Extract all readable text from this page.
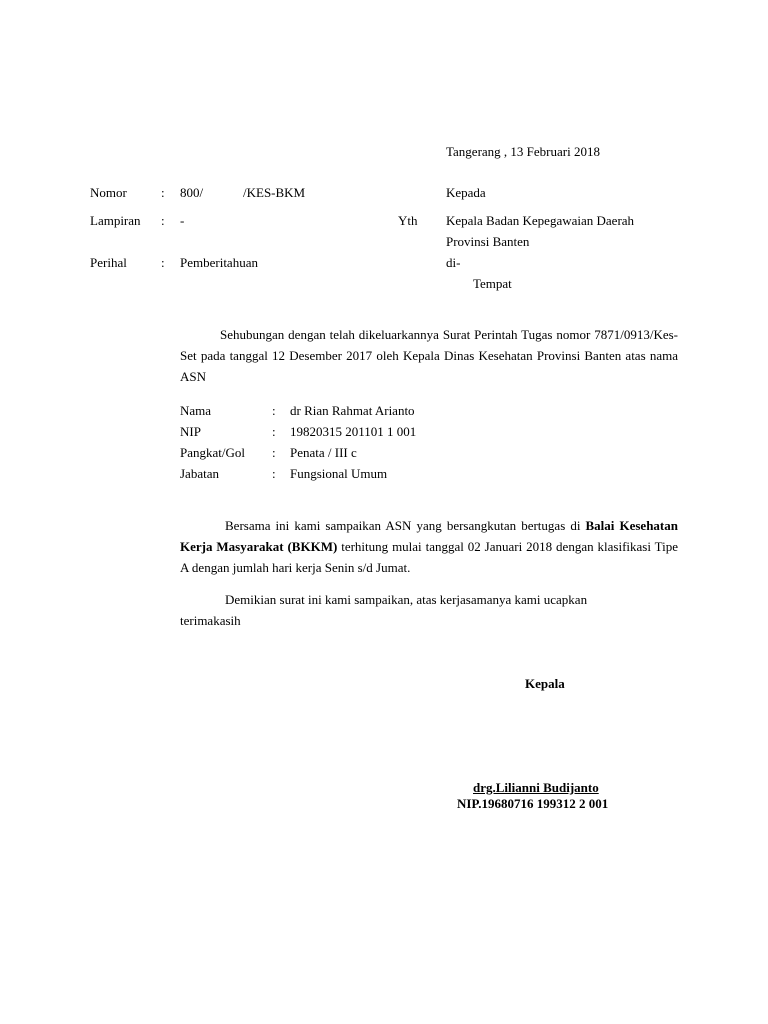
Tangerang , 13 Februari 2018
Nomor	: 800/	/KES-BKM
Lampiran : -
Perihal	: Pemberitahuan
Kepada
Yth Kepala Badan Kepegawaian Daerah
Provinsi Banten
di-
Tempat

Sehubungan dengan telah dikeluarkannya Surat Perintah Tugas nomor 7871/0913/Kes-Set pada tanggal 12 Desember 2017 oleh Kepala Dinas Kesehatan Provinsi Banten atas nama ASN

Nama	: dr Rian Rahmat Arianto
NIP	: 19820315 201101 1 001
Pangkat/Gol : Penata / III c
Jabatan	: Fungsional Umum

Bersama ini kami sampaikan ASN yang bersangkutan bertugas di Balai Kesehatan Kerja Masyarakat (BKKM) terhitung mulai tanggal 02 Januari 2018 dengan klasifikasi Tipe A dengan jumlah hari kerja Senin s/d Jumat.

Demikian surat ini kami sampaikan, atas kerjasamanya kami ucapkan terimakasih

Kepala
drg.Lilianni Budijanto
NIP.19680716 199312 2 001
